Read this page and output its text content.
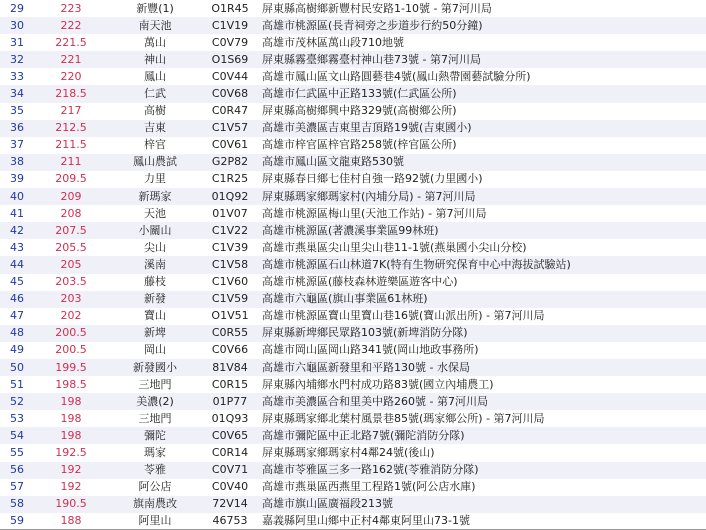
29	223	新豐(1)	O1R45	屏東縣高樹鄉新豐村民安路1-10號 - 第7河川局
30	222	南天池	C1V19	高雄市桃源區(長青祠旁之步道步行約50分鐘)
31	221.5	萬山	C0V79	高雄市茂林區萬山段710地號
32	221	神山	O1S69	屏東縣霧臺鄉霧臺村神山巷73號 - 第7河川局
33	220	鳳山	C0V44	高雄市鳳山區文山路圓藝巷4號(鳳山熱帶園藝試驗分所)
34	218.5	仁武	C0V68	高雄市仁武區中正路133號(仁武區公所)
35	217	高樹	C0R47	屏東縣高樹鄉興中路329號(高樹鄉公所)
36	212.5	吉東	C1V57	高雄市美濃區吉東里吉頂路19號(吉東國小)
37	211.5	梓官	C0V61	高雄市梓官區梓官路258號(梓官區公所)
38	211	鳳山農試	G2P82	高雄市鳳山區文龍東路530號
39	209.5	力里	C1R25	屏東縣春日鄉七佳村自強一路92號(力里國小)
40	209	新瑪家	01Q92	屏東縣瑪家鄉瑪家村(內埔分局) - 第7河川局
41	208	天池	01V07	高雄市桃源區梅山里(天池工作站) - 第7河川局
42	207.5	小關山	C1V22	高雄市桃源區(著濃溪事業區99林班)
43	205.5	尖山	C1V39	高雄市燕巢區尖山里尖山巷11-1號(燕巢國小尖山分校)
44	205	溪南	C1V58	高雄市桃源區石山林道7K(特有生物研究保育中心中海拔試驗站)
45	203.5	藤枝	C1V60	高雄市桃源區(藤枝森林遊樂區遊客中心)
46	203	新發	C1V59	高雄市六龜區(旗山事業區61林班)
47	202	寶山	O1V51	高雄市桃源區寶山里寶山巷16號(寶山派出所) - 第7河川局
48	200.5	新埤	C0R55	屏東縣新埤鄉民眾路103號(新埤消防分隊)
49	200.5	岡山	C0V66	高雄市岡山區岡山路341號(岡山地政事務所)
50	199.5	新發國小	81V84	高雄市六龜區新發里和平路130號 - 水保局
51	198.5	三地門	C0R15	屏東縣內埔鄉水門村成功路83號(國立內埔農工)
52	198	美濃(2)	01P77	高雄市美濃區合和里美中路260號 - 第7河川局
53	198	三地門	01Q93	屏東縣瑪家鄉北葉村風景巷85號(瑪家鄉公所) - 第7河川局
54	198	彌陀	C0V65	高雄市彌陀區中正北路7號(彌陀消防分隊)
55	192.5	瑪家	C0R14	屏東縣瑪家鄉瑪家村4鄰24號(後山)
56	192	苓雅	C0V71	高雄市苓雅區三多一路162號(苓雅消防分隊)
57	192	阿公店	C0V40	高雄市燕巢區西燕里工程路1號(阿公店水庫)
58	190.5	旗南農改	72V14	高雄市旗山區廣福段213號
59	188	阿里山	46753	嘉義縣阿里山鄉中正村4鄰東阿里山73-1號
